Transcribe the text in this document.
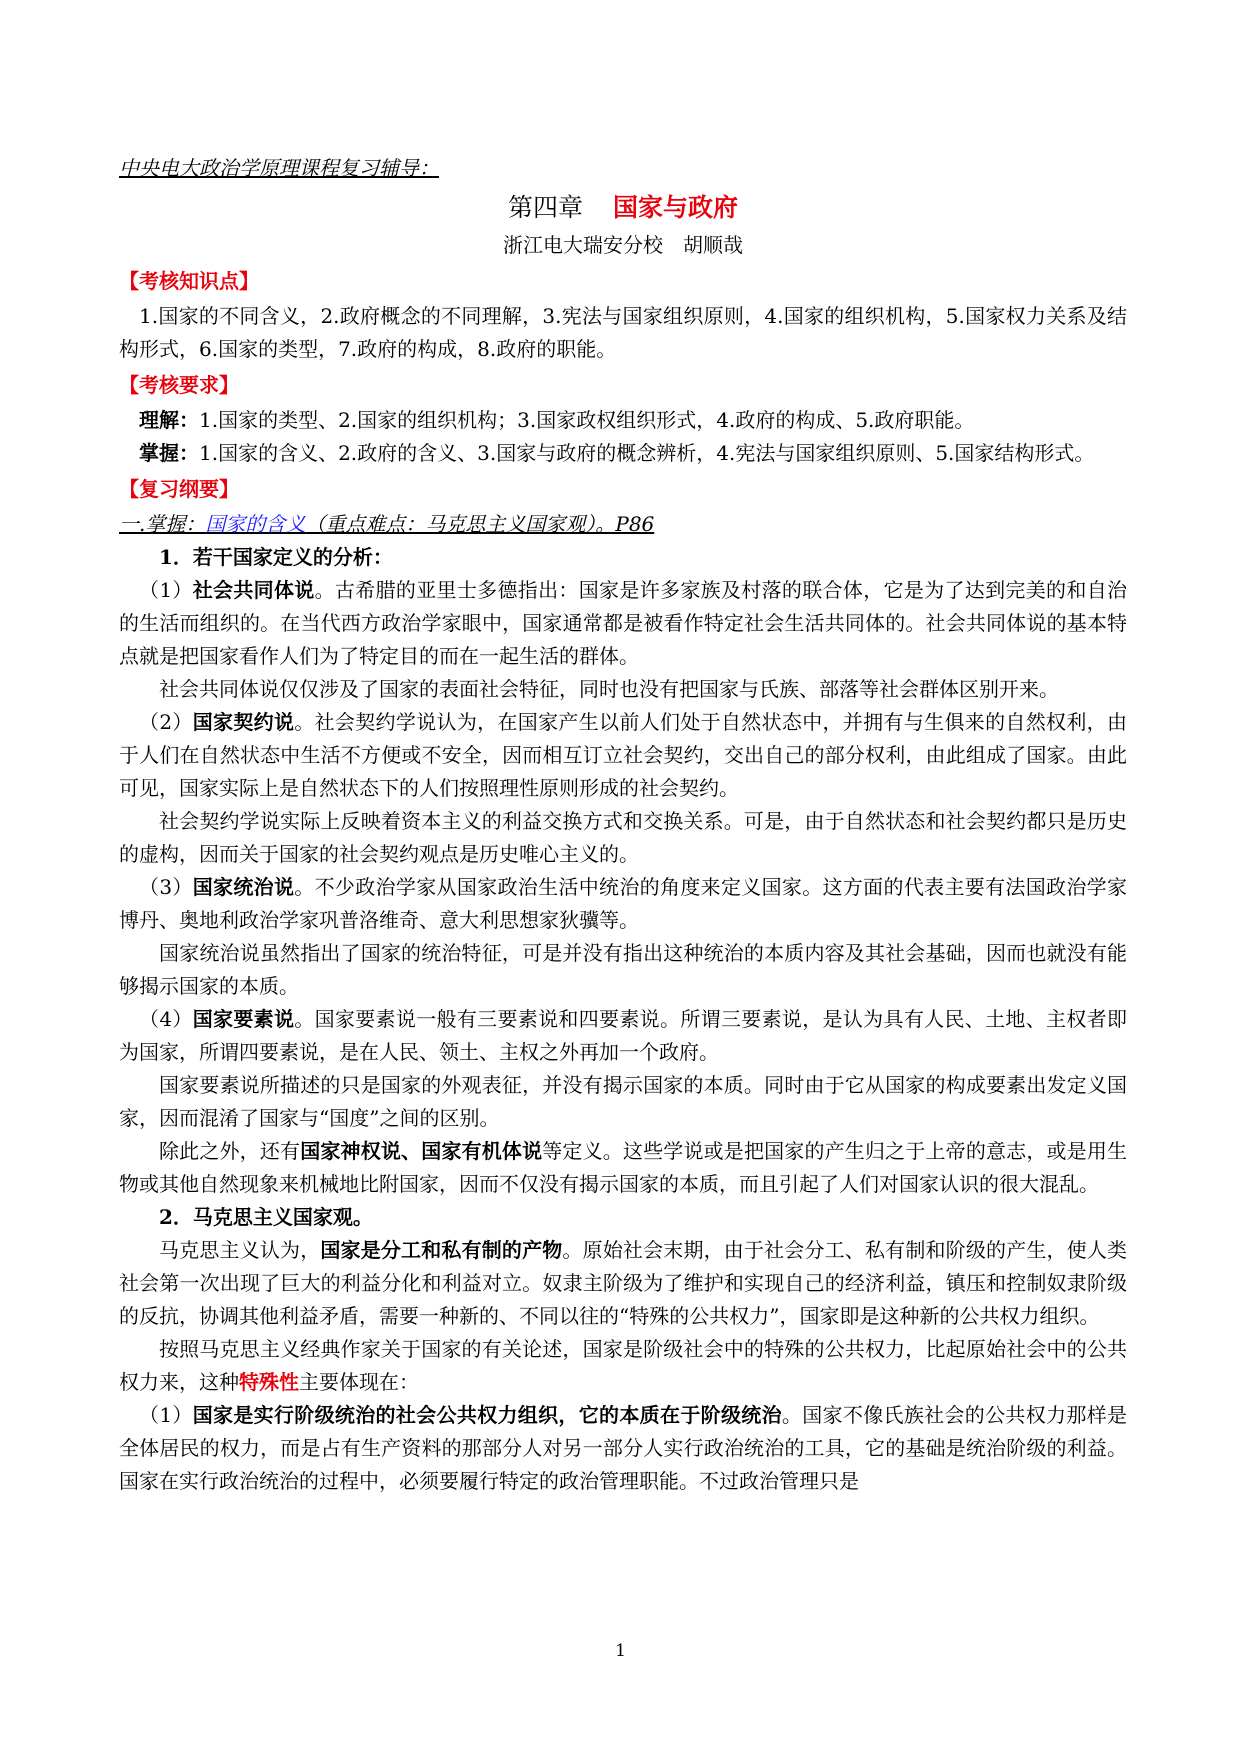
中央电大政治学原理课程复习辅导：

第四章 国家与政府

浙江电大瑞安分校　胡顺哉

【考核知识点】

1.国家的不同含义，2.政府概念的不同理解，3.宪法与国家组织原则，4.国家的组织机构，5.国家权力关系及结构形式，6.国家的类型，7.政府的构成，8.政府的职能。

【考核要求】

理解：1.国家的类型、2.国家的组织机构；3.国家政权组织形式，4.政府的构成、5.政府职能。

掌握：1.国家的含义、2.政府的含义、3.国家与政府的概念辨析，4.宪法与国家组织原则、5.国家结构形式。

【复习纲要】

一.掌握：国家的含义（重点难点：马克思主义国家观）。P86

1．若干国家定义的分析：

（1）社会共同体说。古希腊的亚里士多德指出：国家是许多家族及村落的联合体，它是为了达到完美的和自治的生活而组织的。在当代西方政治学家眼中，国家通常都是被看作特定社会生活共同体的。社会共同体说的基本特点就是把国家看作人们为了特定目的而在一起生活的群体。

社会共同体说仅仅涉及了国家的表面社会特征，同时也没有把国家与氏族、部落等社会群体区别开来。

（2）国家契约说。社会契约学说认为，在国家产生以前人们处于自然状态中，并拥有与生俱来的自然权利，由于人们在自然状态中生活不方便或不安全，因而相互订立社会契约，交出自己的部分权利，由此组成了国家。由此可见，国家实际上是自然状态下的人们按照理性原则形成的社会契约。

社会契约学说实际上反映着资本主义的利益交换方式和交换关系。可是，由于自然状态和社会契约都只是历史的虚构，因而关于国家的社会契约观点是历史唯心主义的。

（3）国家统治说。不少政治学家从国家政治生活中统治的角度来定义国家。这方面的代表主要有法国政治学家博丹、奥地利政治学家巩普洛维奇、意大利思想家狄骥等。

国家统治说虽然指出了国家的统治特征，可是并没有指出这种统治的本质内容及其社会基础，因而也就没有能够揭示国家的本质。

（4）国家要素说。国家要素说一般有三要素说和四要素说。所谓三要素说，是认为具有人民、土地、主权者即为国家，所谓四要素说，是在人民、领土、主权之外再加一个政府。

国家要素说所描述的只是国家的外观表征，并没有揭示国家的本质。同时由于它从国家的构成要素出发定义国家，因而混淆了国家与“国度”之间的区别。

除此之外，还有国家神权说、国家有机体说等定义。这些学说或是把国家的产生归之于上帝的意志，或是用生物或其他自然现象来机械地比附国家，因而不仅没有揭示国家的本质，而且引起了人们对国家认识的很大混乱。

2．马克思主义国家观。

马克思主义认为，国家是分工和私有制的产物。原始社会末期，由于社会分工、私有制和阶级的产生，使人类社会第一次出现了巨大的利益分化和利益对立。奴隶主阶级为了维护和实现自己的经济利益，镇压和控制奴隶阶级的反抗，协调其他利益矛盾，需要一种新的、不同以往的“特殊的公共权力”，国家即是这种新的公共权力组织。

按照马克思主义经典作家关于国家的有关论述，国家是阶级社会中的特殊的公共权力，比起原始社会中的公共权力来，这种特殊性主要体现在：

（1）国家是实行阶级统治的社会公共权力组织，它的本质在于阶级统治。国家不像氏族社会的公共权力那样是全体居民的权力，而是占有生产资料的那部分人对另一部分人实行政治统治的工具，它的基础是统治阶级的利益。国家在实行政治统治的过程中，必须要履行特定的政治管理职能。不过政治管理只是

1
